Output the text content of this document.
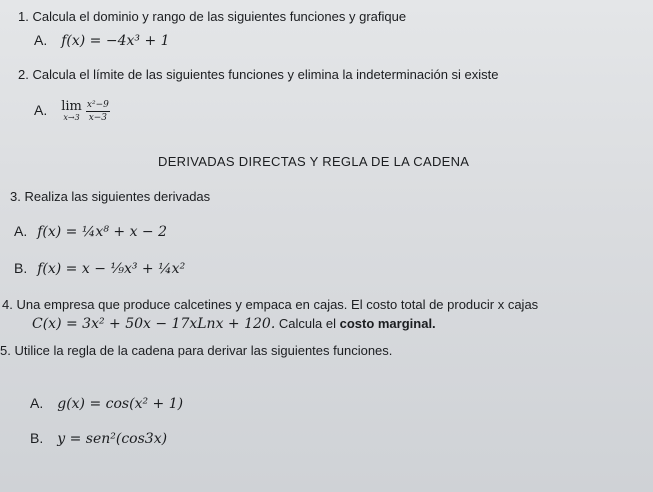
1. Calcula el dominio y rango de las siguientes funciones y grafique
A. f(x) = −4x³ + 1
2. Calcula el límite de las siguientes funciones y elimina la indeterminación si existe
A. lim
$x\to 3 \frac{\text{x²−9}}{x-3}$
DERIVADAS DIRECTAS Y REGLA DE LA CADENA
3. Realiza las siguientes derivadas
A. f(x) = ¼x⁸ + x − 2
B. f(x) = x − ⅑x³ + ¼x²
4. Una empresa que produce calcetines y empaca en cajas. El costo total de producir x cajas
C(x) = 3x² + 50x − 17xLnx + 120. Calcula el costo marginal.
5. Utilice la regla de la cadena para derivar las siguientes funciones.
A. g(x) = cos(x² + 1)
B. y = sen²(cos3x)
